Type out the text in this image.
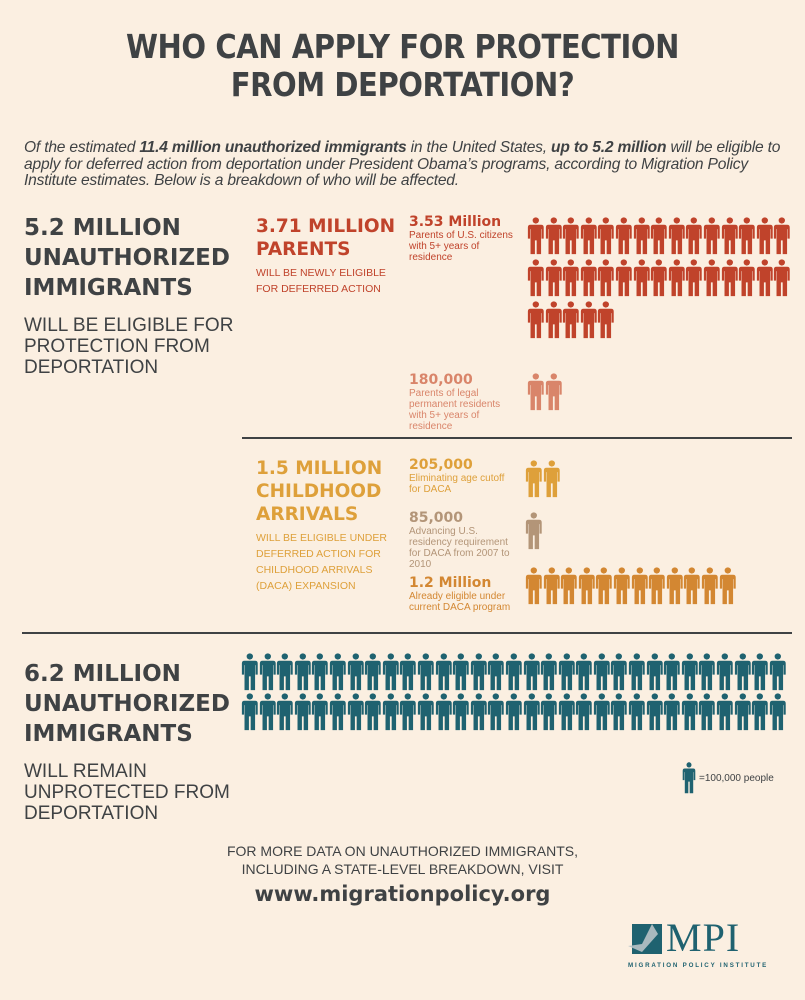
WHO CAN APPLY FOR PROTECTION
FROM DEPORTATION?
Of the estimated 11.4 million unauthorized immigrants in the United States, up to 5.2 million will be eligible to apply for deferred action from deportation under President Obama’s programs, according to Migration Policy Institute estimates. Below is a breakdown of who will be affected.
5.2 MILLION
UNAUTHORIZED
IMMIGRANTS
WILL BE ELIGIBLE FOR
PROTECTION FROM
DEPORTATION
3.71 MILLION
PARENTS
WILL BE NEWLY ELIGIBLE
FOR DEFERRED ACTION
3.53 Million
Parents of U.S. citizens
with 5+ years of
residence
180,000
Parents of legal
permanent residents
with 5+ years of
residence
1.5 MILLION
CHILDHOOD
ARRIVALS
WILL BE ELIGIBLE UNDER
DEFERRED ACTION FOR
CHILDHOOD ARRIVALS
(DACA) EXPANSION
205,000
Eliminating age cutoff
for DACA
85,000
Advancing U.S.
residency requirement
for DACA from 2007 to
2010
1.2 Million
Already eligible under
current DACA program
6.2 MILLION
UNAUTHORIZED
IMMIGRANTS
WILL REMAIN
UNPROTECTED FROM
DEPORTATION
=100,000 people
FOR MORE DATA ON UNAUTHORIZED IMMIGRANTS,
INCLUDING A STATE-LEVEL BREAKDOWN, VISIT
www.migrationpolicy.org
MPI
MIGRATION POLICY INSTITUTE
